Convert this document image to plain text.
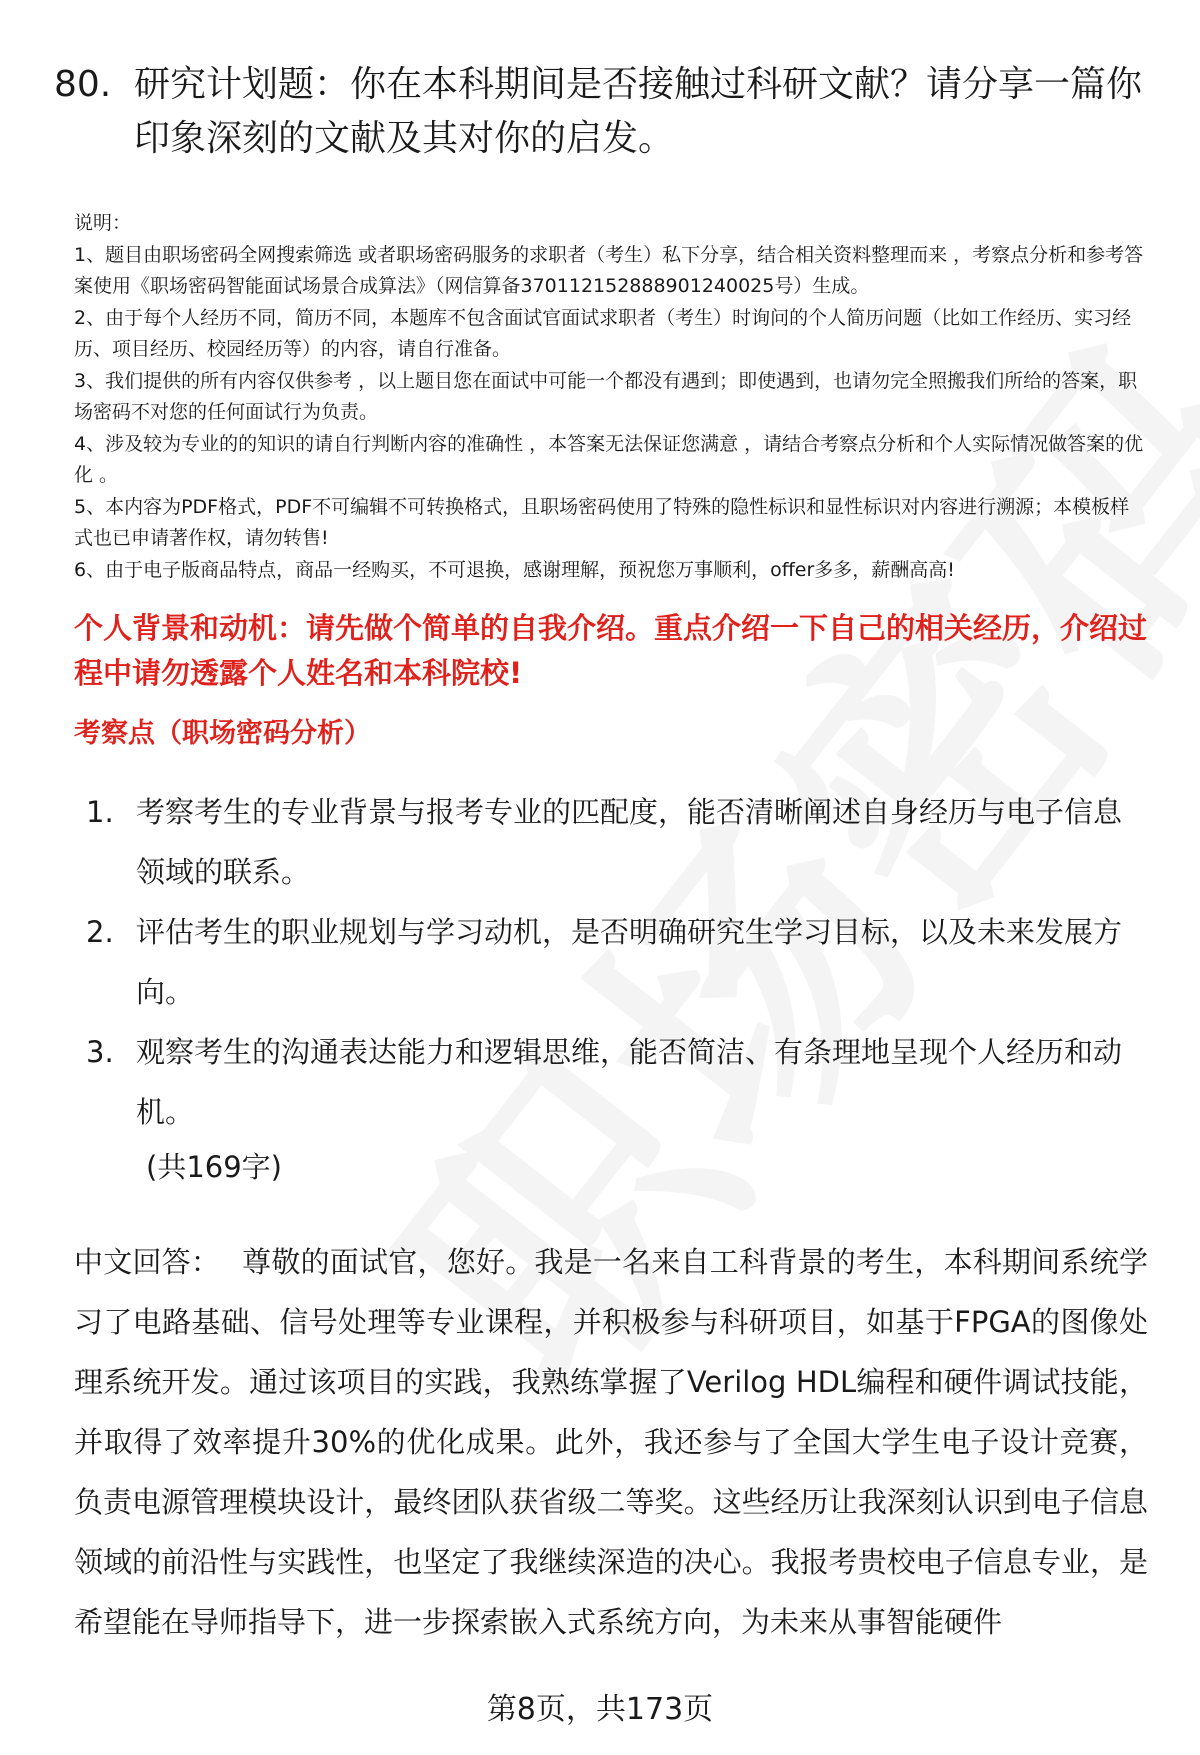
80. 研究计划题：你在本科期间是否接触过科研文献？请分享一篇你印象深刻的文献及其对你的启发。

说明：

1、题目由职场密码全网搜索筛选 或者职场密码服务的求职者（考生）私下分享，结合相关资料整理而来 ，考察点分析和参考答案使用《职场密码智能面试场景合成算法》（网信算备370112152888901240025号）生成。

2、由于每个人经历不同，简历不同，本题库不包含面试官面试求职者（考生）时询问的个人简历问题（比如工作经历、实习经历、项目经历、校园经历等）的内容，请自行准备。

3、我们提供的所有内容仅供参考 ，以上题目您在面试中可能一个都没有遇到；即使遇到，也请勿完全照搬我们所给的答案，职场密码不对您的任何面试行为负责。

4、涉及较为专业的的知识的请自行判断内容的准确性 ，本答案无法保证您满意 ，请结合考察点分析和个人实际情况做答案的优化 。

5、本内容为PDF格式，PDF不可编辑不可转换格式，且职场密码使用了特殊的隐性标识和显性标识对内容进行溯源；本模板样式也已申请著作权，请勿转售!

6、由于电子版商品特点，商品一经购买，不可退换，感谢理解，预祝您万事顺利，offer多多，薪酬高高!

个人背景和动机：请先做个简单的自我介绍。重点介绍一下自己的相关经历，介绍过程中请勿透露个人姓名和本科院校!
考察点（职场密码分析）
1. 考察考生的专业背景与报考专业的匹配度，能否清晰阐述自身经历与电子信息领域的联系。
2. 评估考生的职业规划与学习动机，是否明确研究生学习目标，以及未来发展方向。
3. 观察考生的沟通表达能力和逻辑思维，能否简洁、有条理地呈现个人经历和动机。
(共169字)
中文回答： 尊敬的面试官，您好。我是一名来自工科背景的考生，本科期间系统学习了电路基础、信号处理等专业课程，并积极参与科研项目，如基于FPGA的图像处理系统开发。通过该项目的实践，我熟练掌握了Verilog HDL编程和硬件调试技能，并取得了效率提升30%的优化成果。此外，我还参与了全国大学生电子设计竞赛，负责电源管理模块设计，最终团队获省级二等奖。这些经历让我深刻认识到电子信息领域的前沿性与实践性，也坚定了我继续深造的决心。我报考贵校电子信息专业，是希望能在导师指导下，进一步探索嵌入式系统方向，为未来从事智能硬件
第8页，共173页
